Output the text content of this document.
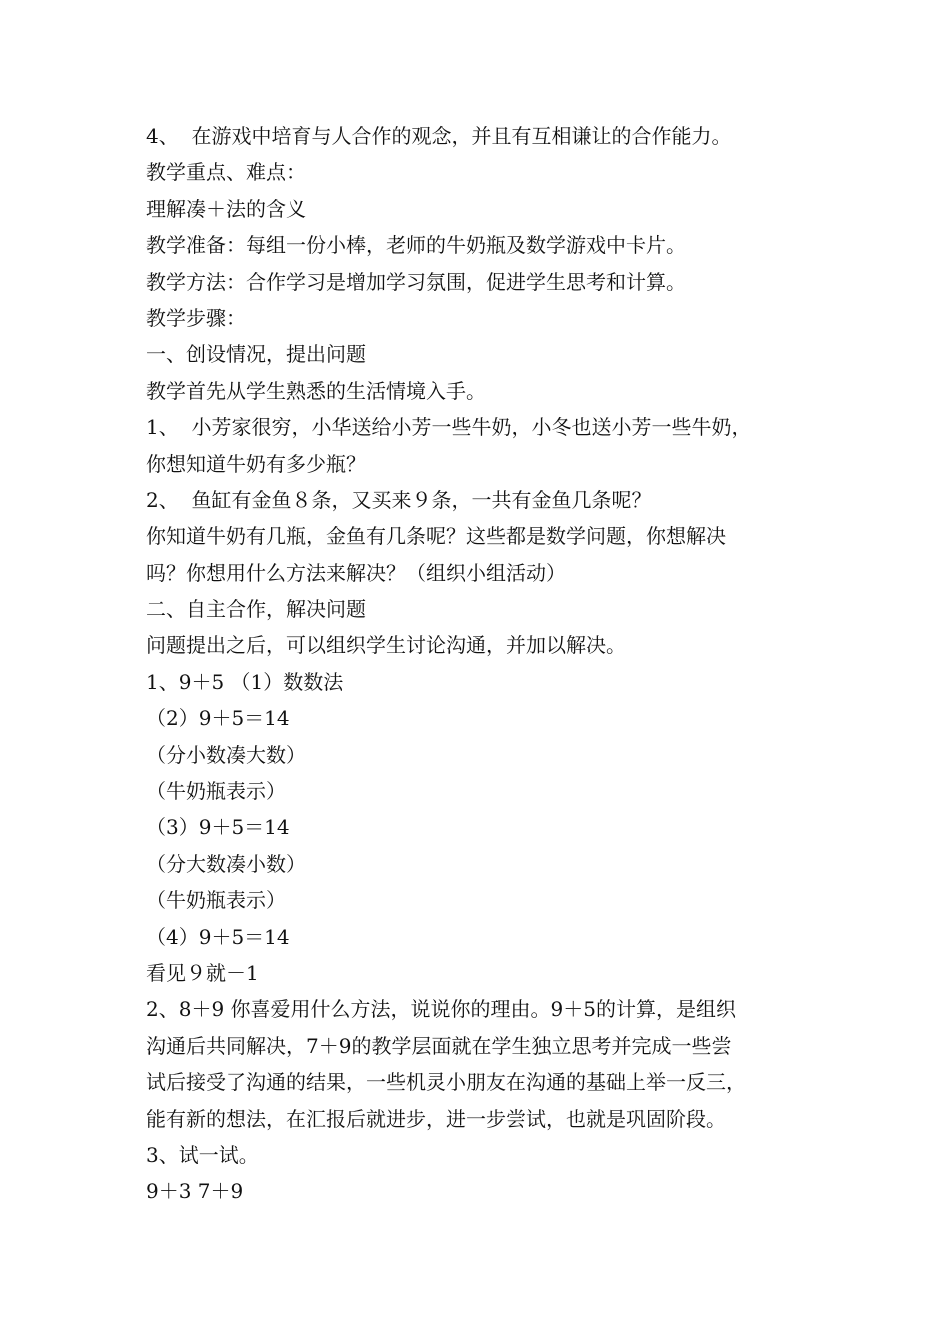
4、  在游戏中培育与人合作的观念，并且有互相谦让的合作能力。
教学重点、难点：
理解凑＋法的含义
教学准备：每组一份小棒，老师的牛奶瓶及数学游戏中卡片。
教学方法：合作学习是增加学习氛围，促进学生思考和计算。
教学步骤：
一、创设情况，提出问题
教学首先从学生熟悉的生活情境入手。
1、  小芳家很穷，小华送给小芳一些牛奶，小冬也送小芳一些牛奶，
你想知道牛奶有多少瓶？
2、  鱼缸有金鱼８条，又买来９条，一共有金鱼几条呢？
你知道牛奶有几瓶，金鱼有几条呢？这些都是数学问题，你想解决
吗？你想用什么方法来解决？（组织小组活动）
二、自主合作，解决问题
问题提出之后，可以组织学生讨论沟通，并加以解决。
1、9＋5 （1）数数法
（2）9＋5＝14
（分小数凑大数）
（牛奶瓶表示）
（3）9＋5＝14
（分大数凑小数）
（牛奶瓶表示）
（4）9＋5＝14
看见９就－1
2、8＋9 你喜爱用什么方法，说说你的理由。9＋5的计算，是组织
沟通后共同解决，7＋9的教学层面就在学生独立思考并完成一些尝
试后接受了沟通的结果，一些机灵小朋友在沟通的基础上举一反三，
能有新的想法，在汇报后就进步，进一步尝试，也就是巩固阶段。
3、试一试。
9＋3 7＋9
